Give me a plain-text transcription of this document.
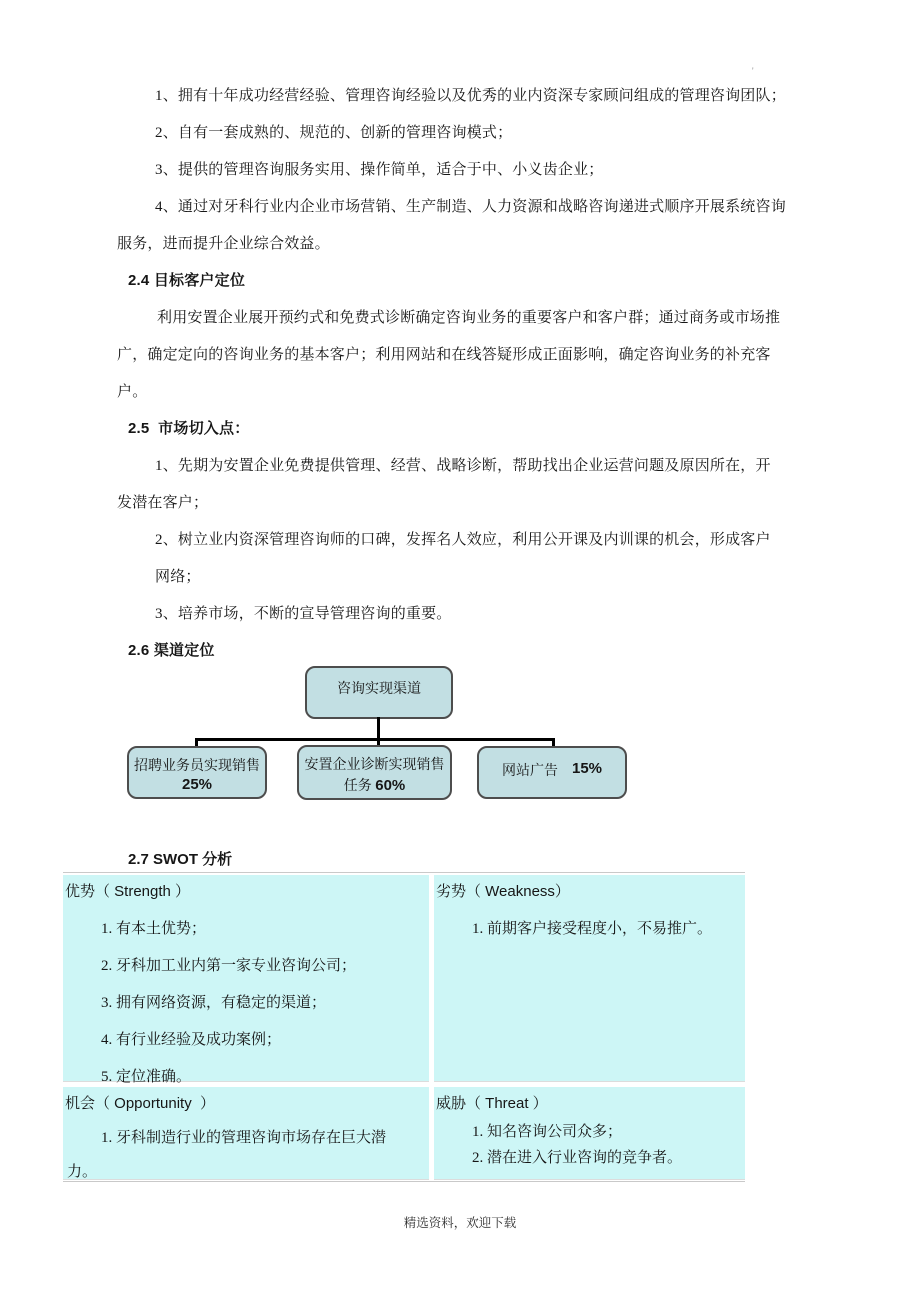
'
1、拥有十年成功经营经验、管理咨询经验以及优秀的业内资深专家顾问组成的管理咨询团队；
2、自有一套成熟的、规范的、创新的管理咨询模式；
3、提供的管理咨询服务实用、操作简单，适合于中、小义齿企业；
4、通过对牙科行业内企业市场营销、生产制造、人力资源和战略咨询递进式顺序开展系统咨询
服务，进而提升企业综合效益。
2.4 目标客户定位
利用安置企业展开预约式和免费式诊断确定咨询业务的重要客户和客户群；通过商务或市场推
广，确定定向的咨询业务的基本客户；利用网站和在线答疑形成正面影响，确定咨询业务的补充客
户。
2.5  市场切入点：
1、先期为安置企业免费提供管理、经营、战略诊断，帮助找出企业运营问题及原因所在，开
发潜在客户；
2、树立业内资深管理咨询师的口碑，发挥名人效应，利用公开课及内训课的机会，形成客户
网络；
3、培养市场，不断的宣导管理咨询的重要。
2.6 渠道定位
咨询实现渠道
招聘业务员实现销售
25%
安置企业诊断实现销售
任务 60%
网站广告 15%
2.7 SWOT 分析
优势（ Strength ）
1. 有本土优势；
2. 牙科加工业内第一家专业咨询公司；
3. 拥有网络资源，有稳定的渠道；
4. 有行业经验及成功案例；
5. 定位准确。
劣势（ Weakness）
1. 前期客户接受程度小，不易推广。
机会（ Opportunity  ）
1. 牙科制造行业的管理咨询市场存在巨大潜
力。
威胁（ Threat ）
1. 知名咨询公司众多；
2. 潜在进入行业咨询的竞争者。
精选资料，欢迎下载
